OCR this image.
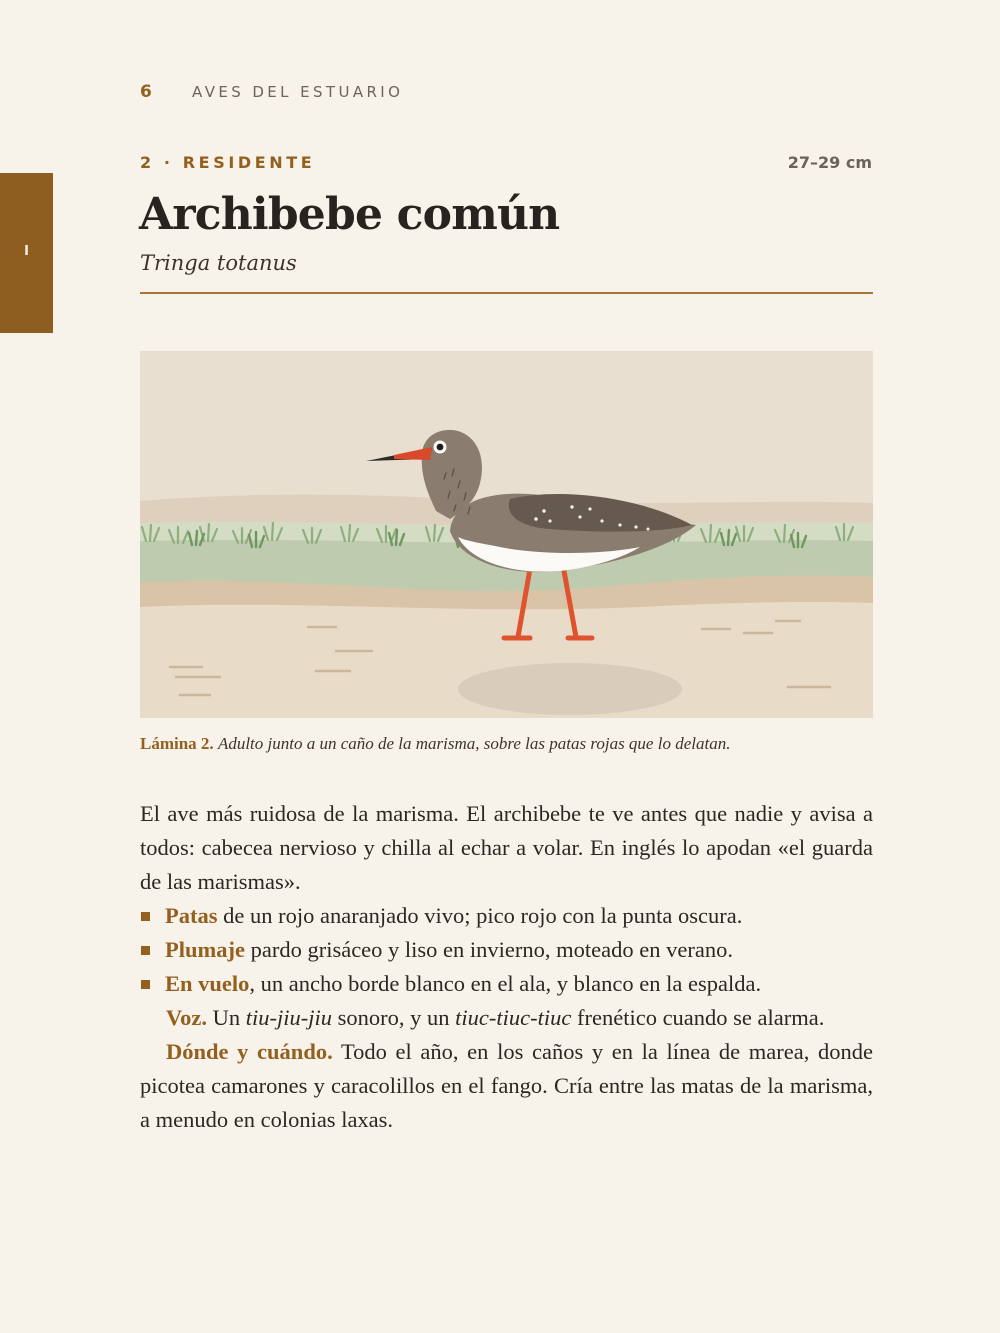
6	AVES DEL ESTUARIO
I
2 · RESIDENTE	27–29 cm
Archibebe común
Tringa totanus
Lámina 2. Adulto junto a un caño de la marisma, sobre las patas rojas que lo delatan.

El ave más ruidosa de la marisma. El archibebe te ve antes que nadie y avisa a todos: cabecea nervioso y chilla al echar a volar. En inglés lo apodan «el guarda de las marismas».

Patas de un rojo anaranjado vivo; pico rojo con la punta oscura.
Plumaje pardo grisáceo y liso en invierno, moteado en verano.
En vuelo, un ancho borde blanco en el ala, y blanco en la espalda.

Voz. Un tiu-jiu-jiu sonoro, y un tiuc-tiuc-tiuc frenético cuando se alarma.

Dónde y cuándo. Todo el año, en los caños y en la línea de marea, donde picotea camarones y caracolillos en el fango. Cría entre las matas de la marisma, a menudo en colonias laxas.
